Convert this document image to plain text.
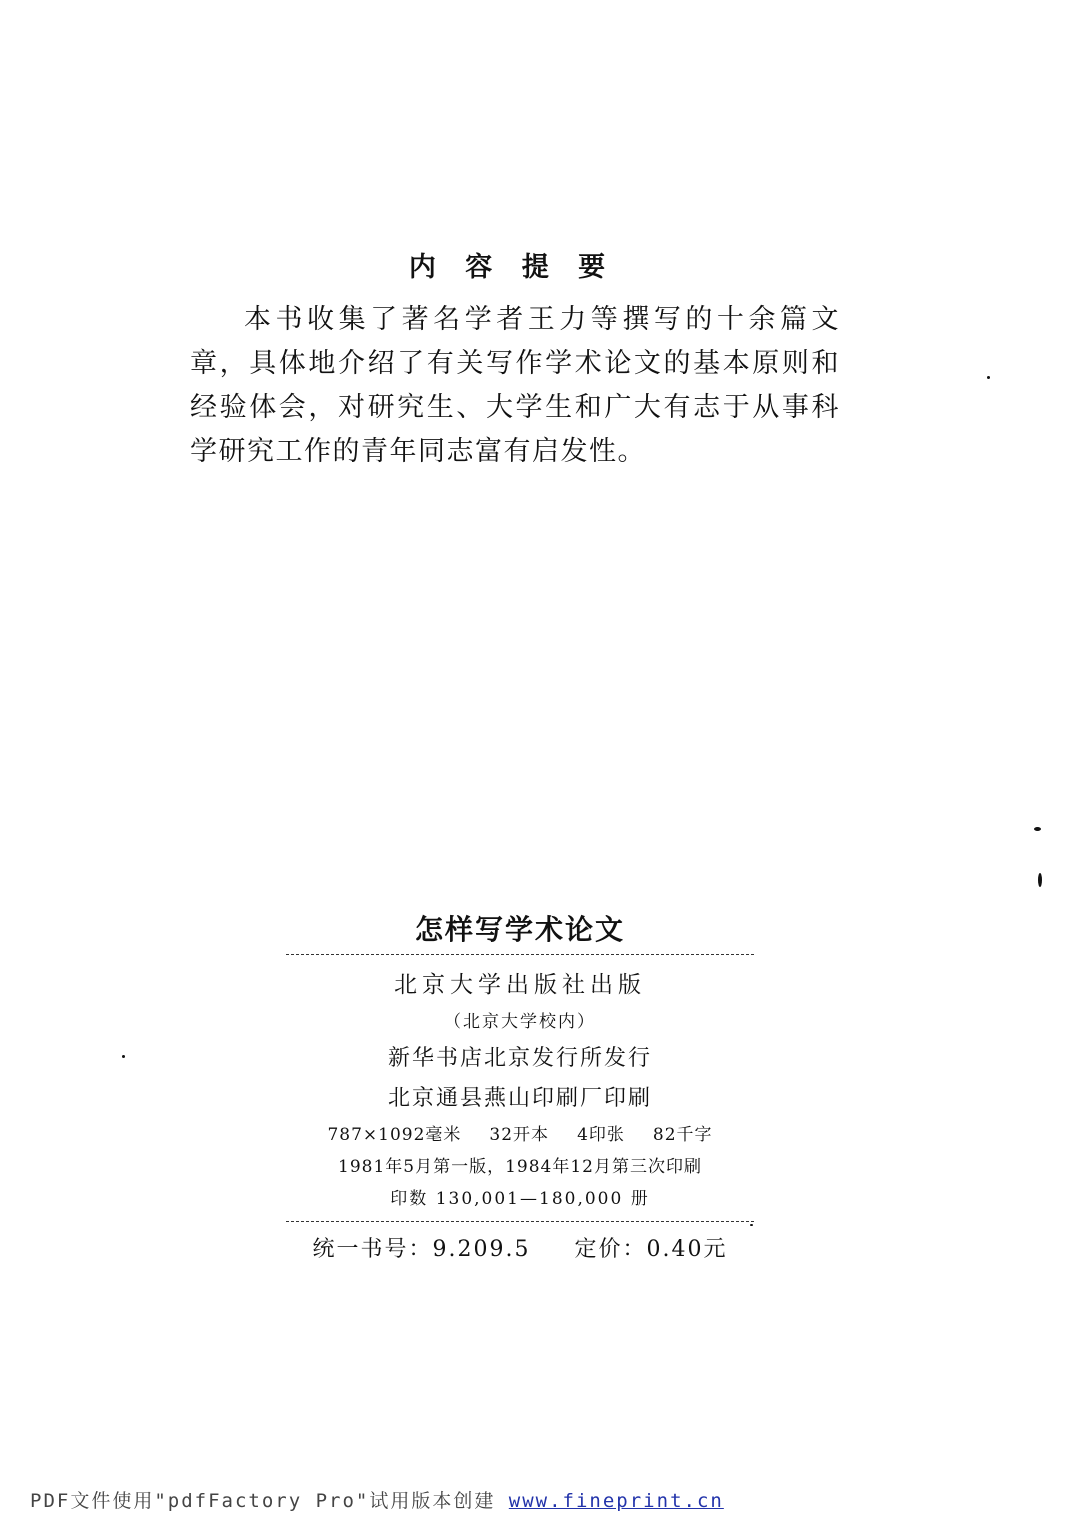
内 容 提 要

本书收集了著名学者王力等撰写的十余篇文章，具体地介绍了有关写作学术论文的基本原则和经验体会，对研究生、大学生和广大有志于从事科学研究工作的青年同志富有启发性。

怎样写学术论文
北京大学出版社出版
（北京大学校内）
新华书店北京发行所发行
北京通县燕山印刷厂印刷
787×1092毫米 32开本 4印张 82千字
1981年5月第一版，1984年12月第三次印刷
印数 130,001—180,000 册
统一书号：9.209.5 定价：0.40元
PDF文件使用"pdfFactory Pro"试用版本创建 www.fineprint.cn
